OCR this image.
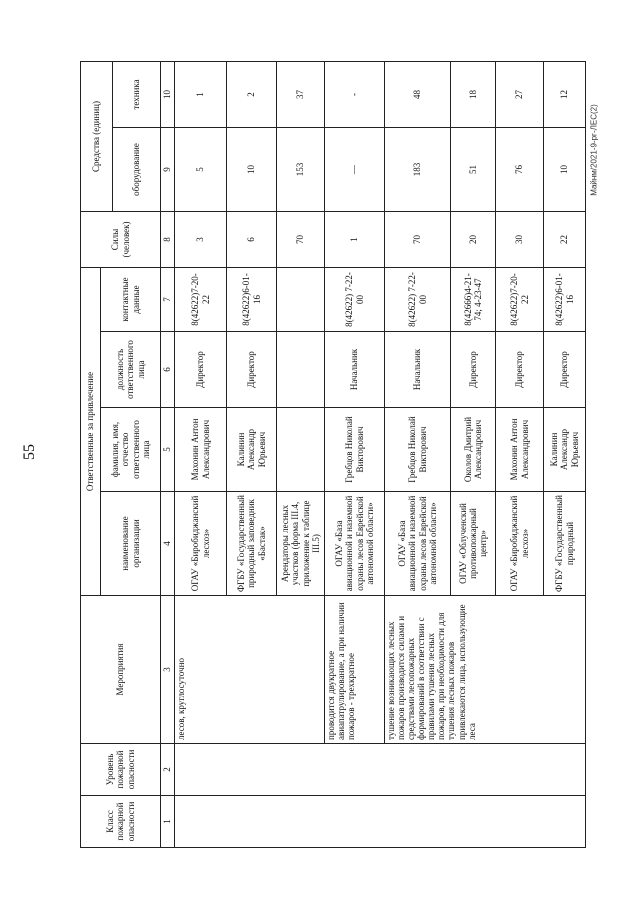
55
Майнм/2021-9-рг-ЛЕС(2)
Класс пожарной опасности	Уровень пожарной опасности	Мероприятия	Ответственные за привлечение				Силы (человек)	Средства (единиц)	
			наименование организации	фамилия, имя, отчество ответственного лица	должность ответственного лица	контактные данные			
								оборудование	техника
1	2	3	4	5	6	7	8	9	10
		лесов, круглосуточно	ОГАУ «Биробиджанский лесхоз»	Махонин Антон Александрович	Директор	8(42622)7-20-22	3	5	1
			ФГБУ «Государственный природный заповедник «Бастак»	Калинин Александр Юрьевич	Директор	8(42622)6-01-16	6	10	2
			Арендаторы лесных участков (форма III.4, приложение к таблице III.5)				70	153	37
		проводится двукратное авиапатрулирование, а при наличии пожаров - трехкратное	ОГАУ «База авиационной и наземной охраны лесов Еврейской автономной области»	Гребцов Николай Викторович	Начальник	8(42622) 7-22-00	1	—	-
		тушение возникающих лесных пожаров производится силами и средствами лесопожарных формирований в соответствии с правилами тушения лесных пожаров, при необходимости для тушения лесных пожаров привлекаются лица, использующие леса	ОГАУ «База авиационной и наземной охраны лесов Еврейской автономной области»	Гребцов Николай Викторович	Начальник	8(42622) 7-22-00	70	183	48
			ОГАУ «Облученский противопожарный центр»	Околов Дмитрий Александрович	Директор	8(42666)4-21-74; 4-23-47	20	51	18
			ОГАУ «Биробиджанский лесхоз»	Махонин Антон Александрович	Директор	8(42622)7-20-22	30	76	27
			ФГБУ «Государственный природный	Калинин Александр Юрьевич	Директор	8(42622)6-01-16	22	10	12
